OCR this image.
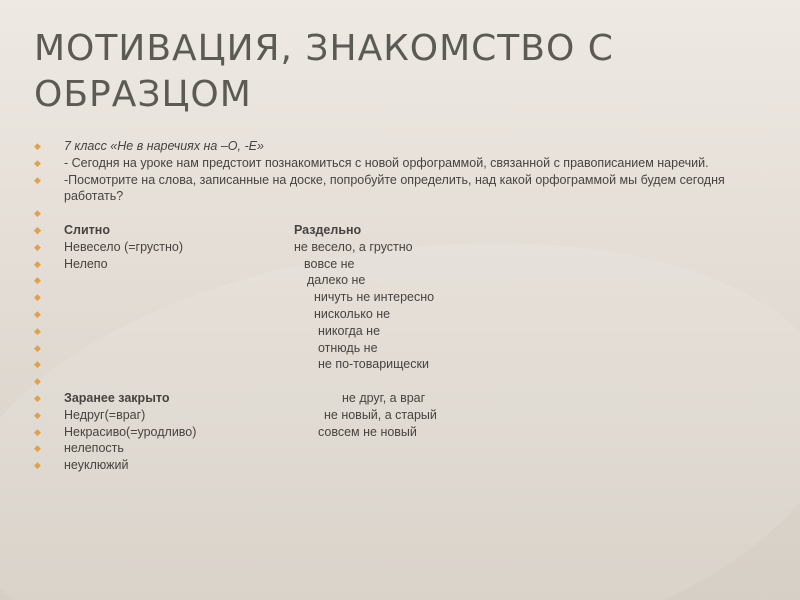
МОТИВАЦИЯ, ЗНАКОМСТВО С ОБРАЗЦОМ
◆ 7 класс «Не в наречиях на –О, -Е»
◆ - Сегодня на уроке нам предстоит познакомиться с новой орфограммой, связанной с правописанием наречий.
◆ -Посмотрите на слова, записанные на доске, попробуйте определить, над какой орфограммой мы будем сегодня работать?
◆

◆ Слитно	Раздельно
◆ Невесело (=грустно)	не весело, а грустно
◆ Нелепо	вовсе не
◆	далеко не
◆	ничуть не интересно
◆	нисколько не
◆	никогда не
◆	отнюдь не
◆	не по-товарищески
◆

◆ Заранее закрыто	не друг, а враг
◆ Недруг(=враг)	не новый, а старый
◆ Некрасиво(=уродливо)	совсем не новый
◆ нелепость
◆ неуклюжий
